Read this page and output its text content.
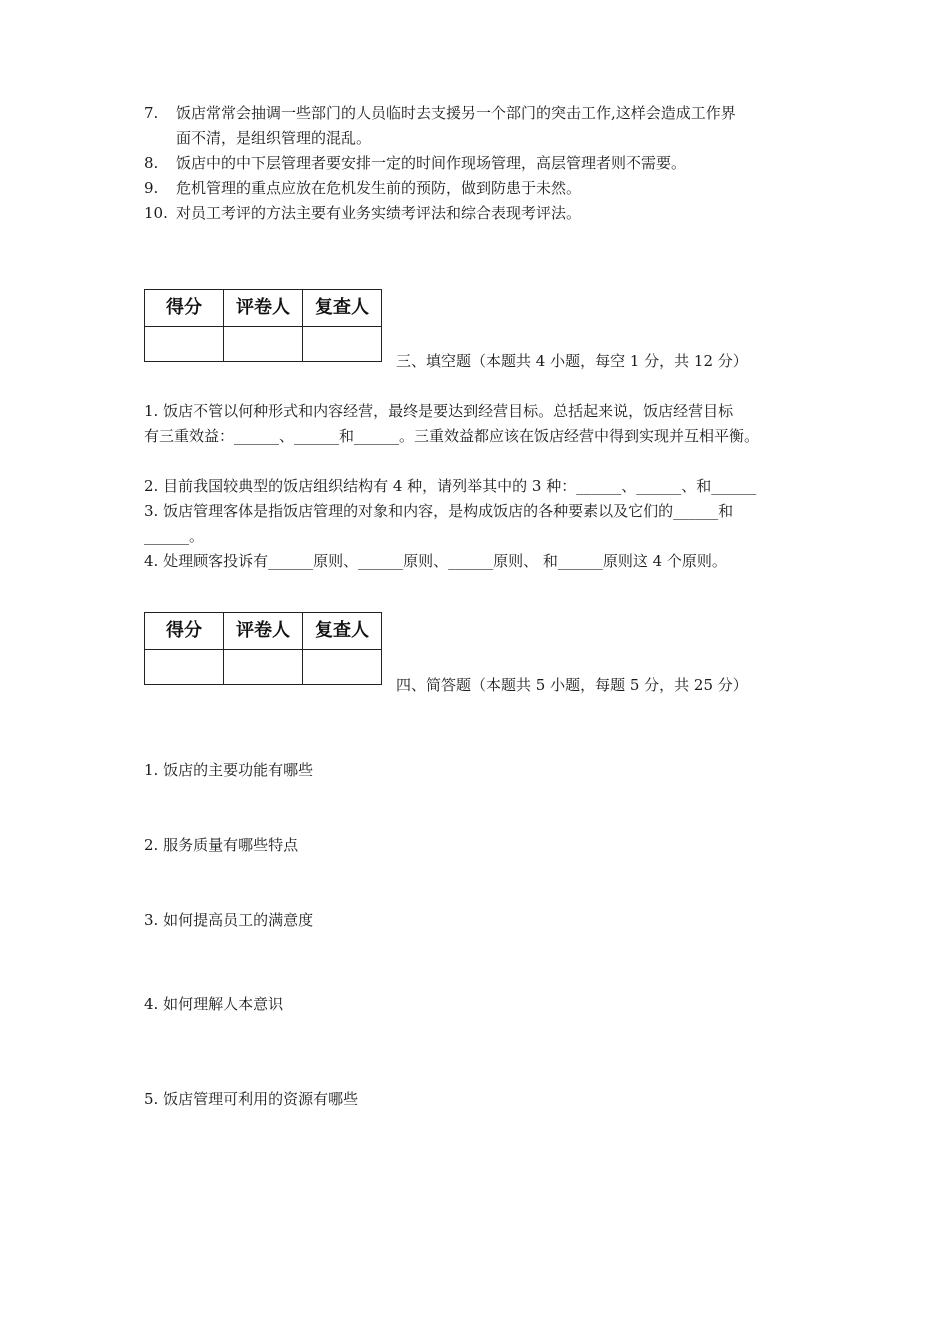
7. 饭店常常会抽调一些部门的人员临时去支援另一个部门的突击工作,这样会造成工作界
面不清，是组织管理的混乱。
8. 饭店中的中下层管理者要安排一定的时间作现场管理，高层管理者则不需要。
9. 危机管理的重点应放在危机发生前的预防，做到防患于未然。
10. 对员工考评的方法主要有业务实绩考评法和综合表现考评法。
得分	评卷人	复查人

三、填空题（本题共 4 小题，每空 1 分，共 12 分）
1. 饭店不管以何种形式和内容经营，最终是要达到经营目标。总括起来说，饭店经营目标
有三重效益：______、______和______。三重效益都应该在饭店经营中得到实现并互相平衡。
2. 目前我国较典型的饭店组织结构有 4 种，请列举其中的 3 种：______、______、和______
3. 饭店管理客体是指饭店管理的对象和内容，是构成饭店的各种要素以及它们的______和
______。
4. 处理顾客投诉有______原则、______原则、______原则、 和______原则这 4 个原则。
得分	评卷人	复查人

四、简答题（本题共 5 小题，每题 5 分，共 25 分）
1. 饭店的主要功能有哪些
2. 服务质量有哪些特点
3. 如何提高员工的满意度
4. 如何理解人本意识
5. 饭店管理可利用的资源有哪些
